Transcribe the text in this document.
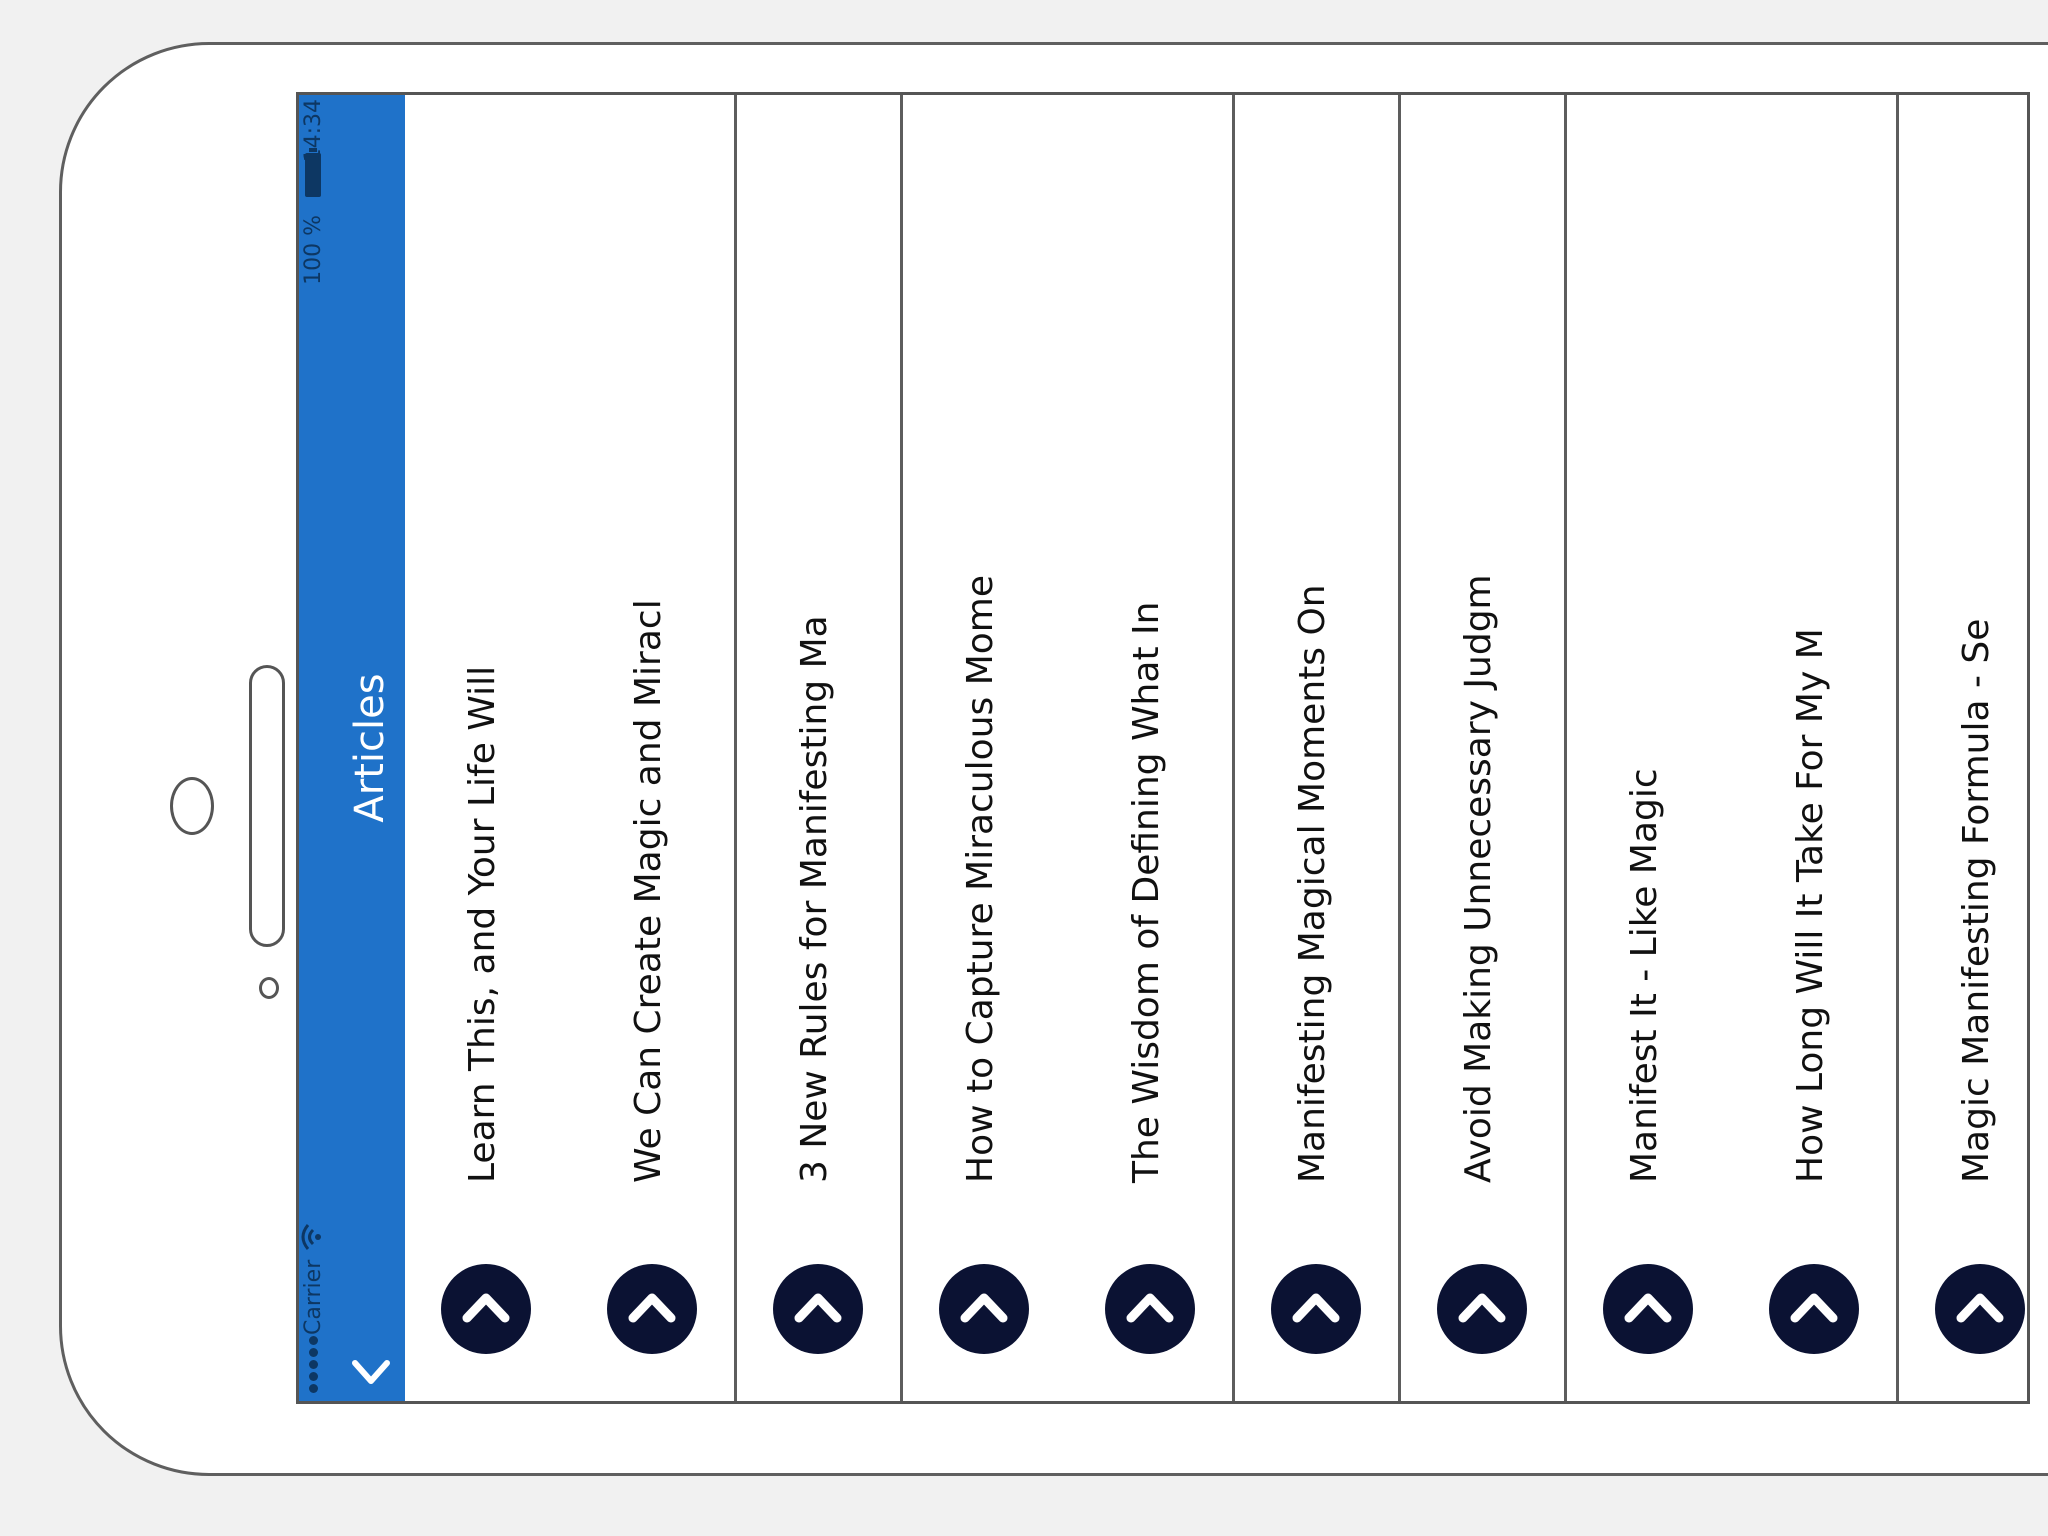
Carrier
100 %
14:34
Articles Learn This, and Your Life Will	We Can Create Magic and Miracl	3 New Rules for Manifesting Ma	How to Capture Miraculous Mome	The Wisdom of Defining What In	Manifesting Magical Moments On	Avoid Making Unnecessary Judgm	Manifest It - Like Magic	How Long Will It Take For My M	Magic Manifesting Formula - Se
